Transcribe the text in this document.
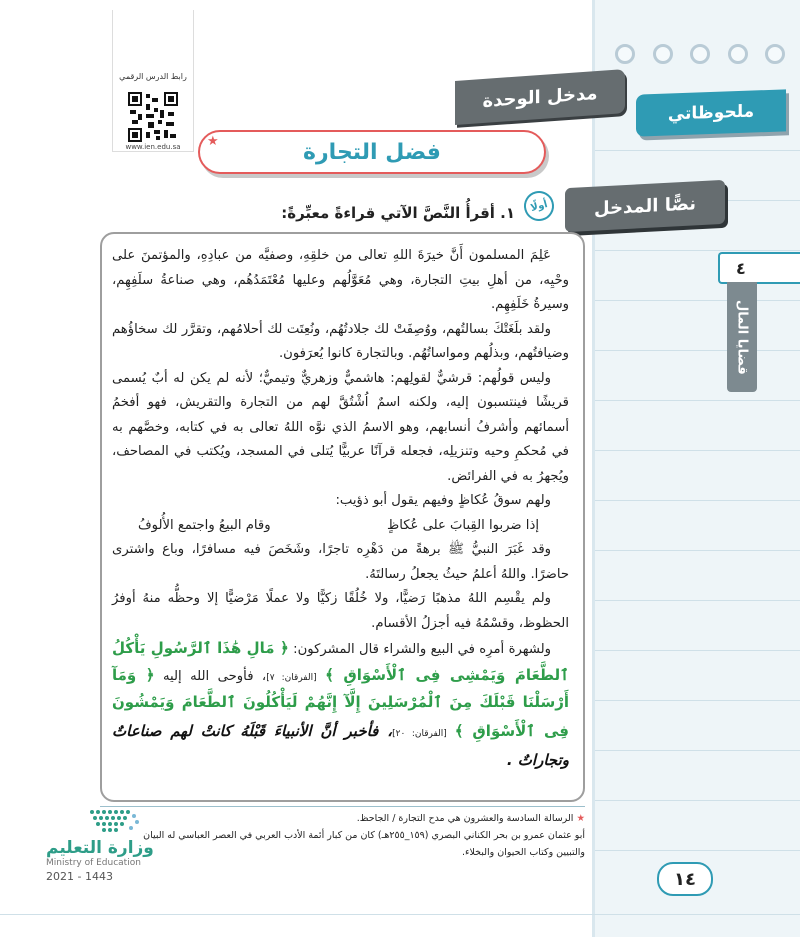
مدخل الوحدة
ملحوظاتي
نصًّا المدخل
٤
قضايا المال
رابط الدرس الرقمي
www.ien.edu.sa	فضل التجارة
★
أولًا
١. أقرأُ النَّصَّ الآتي قراءةً معبِّرةً:

عَلِمَ المسلمون أَنَّ خيرَةَ اللهِ تعالى من خلقِهِ، وصفيَّه من عبادِهِ، والمؤتمنَ على وحْيِه، من أهلِ بيتِ التجارة، وهي مُعَوَّلُهم وعليها مُعْتَمَدُهُم، وهي صناعةُ سلَفِهِم، وسيرةُ خَلَفِهِم.

ولقد بلَغَتْكَ بسالتُهم، ووُصِفَتْ لك جلادتُهُم، ونُعِتَت لك أحلامُهم، وتقرَّر لك سخاؤُهم وضيافتُهم، وبذلُهم ومواساتُهُم. وبالتجارة كانوا يُعرَفون.

وليس قولُهم: قرشيٌّ لقولِهم: هاشميٌّ وزهريٌّ وتيميٌّ؛ لأنه لم يكن له أبٌ يُسمى قريشًا فينتسبون إليه، ولكنه اسمٌ اُشْتُقَّ لهم من التجارة والتقريش، فهو أفخمُ أسمائهم وأشرفُ أنسابهم، وهو الاسمُ الذي نوَّه اللهُ تعالى به في كتابه، وخصَّهم به في مُحكمِ وحيه وتنزيلِه، فجعله قرآنًا عربيًّا يُتلى في المسجد، ويُكتب في المصاحف، ويُجهرُ به في الفرائض.

ولهم سوقُ عُكاظٍ وفيهم يقول أبو ذؤيب:

إذا ضربوا القِبابَ على عُكاظٍ
وقام البيعُ واجتمع الأُلوفُ

وقد غَبَرَ النبيُّ ﷺ برهةً من دَهْرِه تاجرًا، وشَخَصَ فيه مسافرًا، وباع واشترى حاضرًا. واللهُ أعلمُ حيثُ يجعلُ رسالتَهُ.

ولم يقْسِم اللهُ مذهبًا رَضيًّا، ولا خُلُقًا زكيًّا ولا عملًا مَرْضيًّا إلا وحظُّه منهُ أوفرُ الحظوظ، وقسْمُهُ فيه أجزلُ الأقسام.

ولشهرة أمرِه في البيع والشراء قال المشركون: ﴿ مَالِ هَٰذَا ٱلرَّسُولِ يَأْكُلُ ٱلطَّعَامَ وَيَمْشِى فِى ٱلْأَسْوَاقِ ﴾ [الفرقان: ٧]، فأوحى الله إليه ﴿ وَمَآ أَرْسَلْنَا قَبْلَكَ مِنَ ٱلْمُرْسَلِينَ إِلَّآ إِنَّهُمْ لَيَأْكُلُونَ ٱلطَّعَامَ وَيَمْشُونَ فِى ٱلْأَسْوَاقِ ﴾ [الفرقان: ٢٠]، فأخبر أنَّ الأنبياءَ قَبْلَهُ كانتْ لهم صناعاتٌ وتجاراتٌ .

★ الرسالة السادسة والعشرون هي مدح التجارة / الجاحظ.
أبو عثمان عمرو بن بحر الكناني البصري (١٥٩_٢٥٥هـ) كان من كبار أئمة الأدب العربي في العصر العباسي له البيان والتبيين وكتاب الحيوان والبخلاء.
١٤
وزارة التعليم
Ministry of Education
2021 - 1443
